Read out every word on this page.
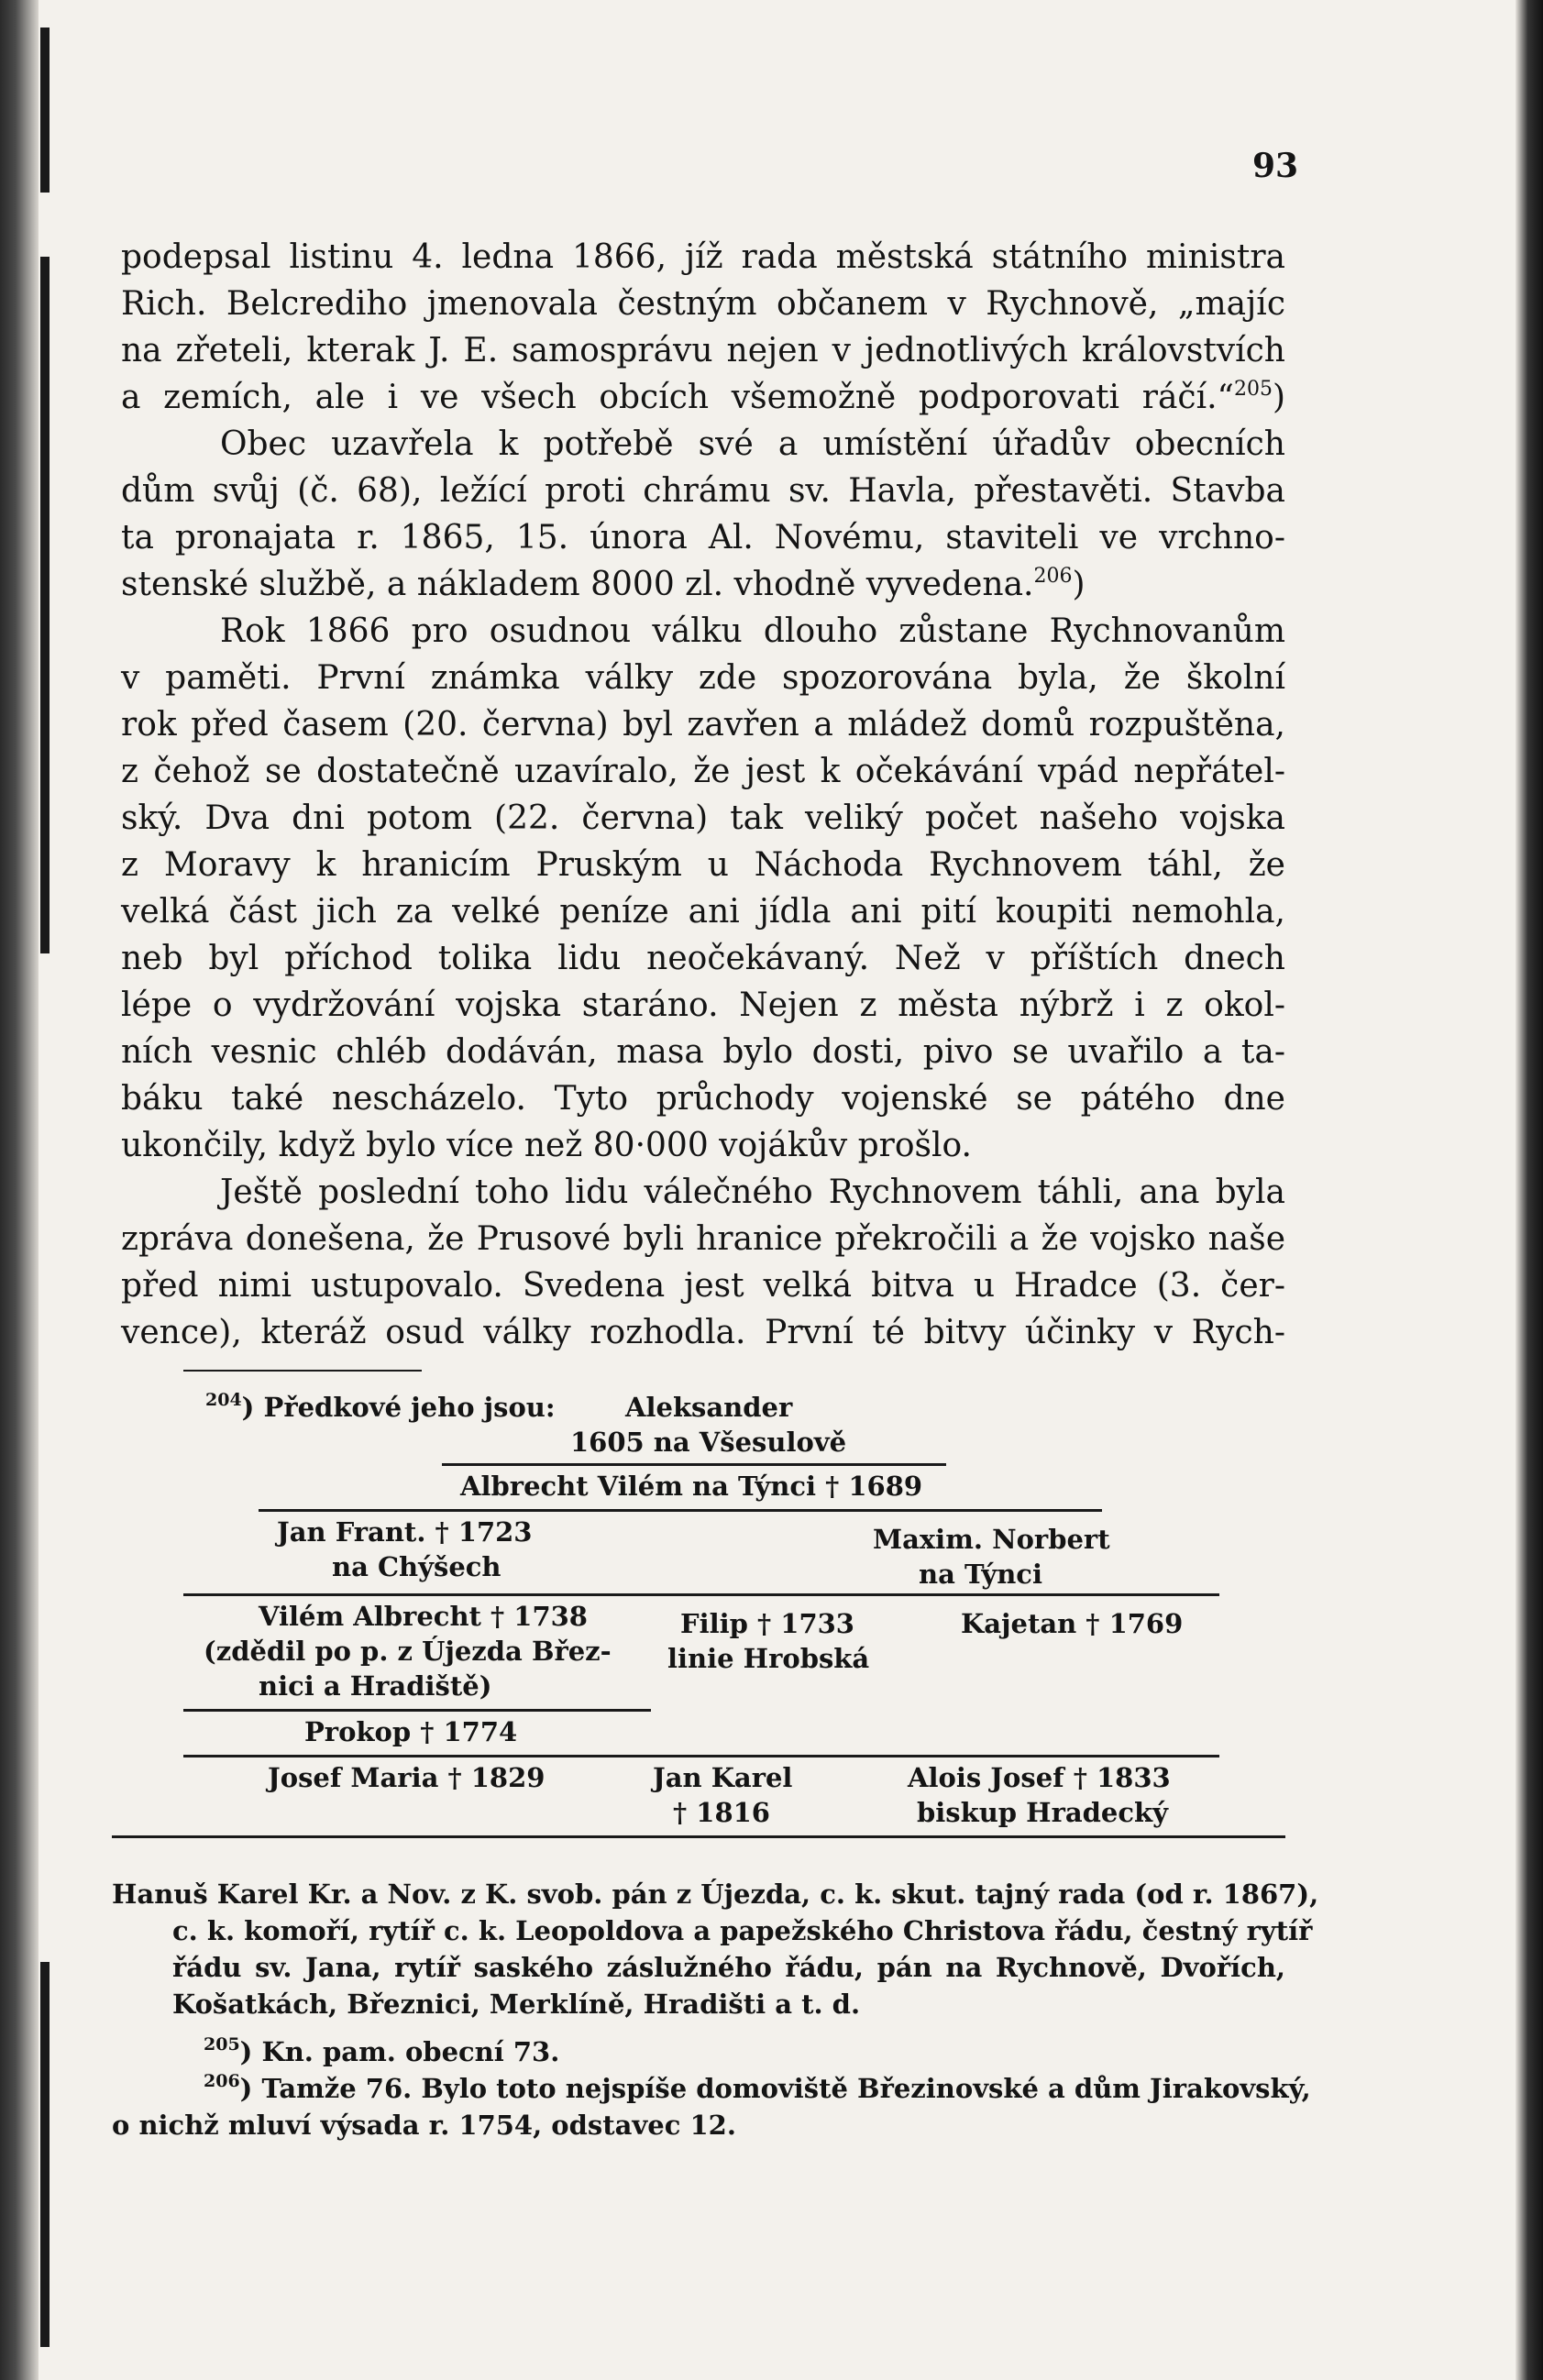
93
podepsal listinu 4. ledna 1866, jíž rada městská státního ministra
Rich. Belcrediho jmenovala čestným občanem v Rychnově, „majíc
na zřeteli, kterak J. E. samosprávu nejen v jednotlivých královstvích
a zemích, ale i ve všech obcích všemožně podporovati ráčí.“$^{205}$)
Obec uzavřela k potřebě své a umístění úřadův obecních
dům svůj (č. 68), ležící proti chrámu sv. Havla, přestavěti. Stavba
ta pronajata r. 1865, 15. února Al. Novému, staviteli ve vrchno-
stenské službě, a nákladem 8000 zl. vhodně vyvedena.$^{206}$)
Rok 1866 pro osudnou válku dlouho zůstane Rychnovanům
v paměti. První známka války zde spozorována byla, že školní
rok před časem (20. června) byl zavřen a mládež domů rozpuštěna,
z čehož se dostatečně uzavíralo, že jest k očekávání vpád nepřátel-
ský. Dva dni potom (22. června) tak veliký počet našeho vojska
z Moravy k hranicím Pruským u Náchoda Rychnovem táhl, že
velká část jich za velké peníze ani jídla ani pití koupiti nemohla,
neb byl příchod tolika lidu neočekávaný. Než v příštích dnech
lépe o vydržování vojska staráno. Nejen z města nýbrž i z okol-
ních vesnic chléb dodáván, masa bylo dosti, pivo se uvařilo a ta-
báku také nescházelo. Tyto průchody vojenské se pátého dne
ukončily, když bylo více než 80·000 vojákův prošlo.
Ještě poslední toho lidu válečného Rychnovem táhli, ana byla
zpráva donešena, že Prusové byli hranice překročili a že vojsko naše
před nimi ustupovalo. Svedena jest velká bitva u Hradce (3. čer-
vence), kteráž osud války rozhodla. První té bitvy účinky v Rych-
$^{204}$) Předkové jeho jsou:	Aleksander
1605 na Všesulově
Albrecht Vilém na Týnci † 1689
Jan Frant. † 1723
na Chýšech
Maxim. Norbert
na Týnci
Vilém Albrecht † 1738
(zdědil po p. z Újezda Břez-
nici a Hradiště)
Filip † 1733
linie Hrobská
Kajetan † 1769
Prokop † 1774
Josef Maria † 1829	Jan Karel
† 1816
Alois Josef † 1833
biskup Hradecký
Hanuš Karel Kr. a Nov. z K. svob. pán z Újezda, c. k. skut. tajný rada (od r. 1867),
c. k. komoří, rytíř c. k. Leopoldova a papežského Christova řádu, čestný rytíř
řádu sv. Jana, rytíř saského záslužného řádu, pán na Rychnově, Dvořích,
Košatkách, Březnici, Merklíně, Hradišti a t. d.
$^{205}$) Kn. pam. obecní 73.
$^{206}$) Tamže 76. Bylo toto nejspíše domoviště Březinovské a dům Jirakovský,
o nichž mluví výsada r. 1754, odstavec 12.
